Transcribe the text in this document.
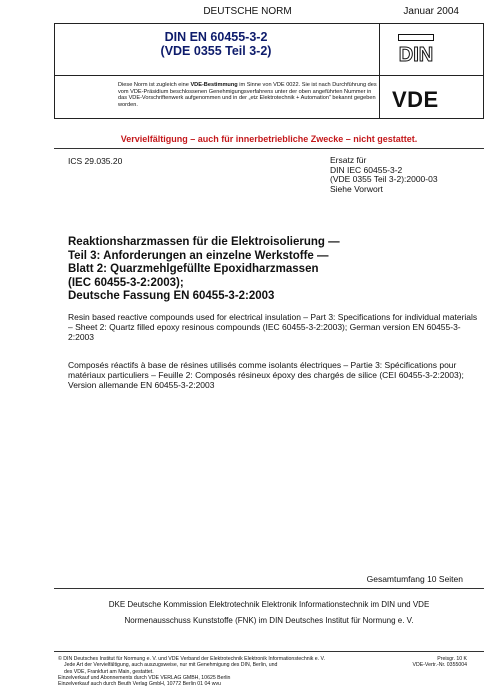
DEUTSCHE NORM	Januar 2004
DIN EN 60455-3-2
(VDE 0355 Teil 3-2)	DIN
Diese Norm ist zugleich eine VDE-Bestimmung im Sinne von VDE 0022. Sie ist nach Durchführung des vom VDE-Präsidium beschlossenen Genehmigungsverfahrens unter der oben angeführten Nummer in das VDE-Vorschriftenwerk aufgenommen und in der „etz Elektrotechnik + Automation“ bekannt gegeben worden.	VDE
Vervielfältigung – auch für innerbetriebliche Zwecke – nicht gestattet.
ICS 29.035.20	Ersatz für
DIN IEC 60455-3-2
(VDE 0355 Teil 3-2):2000-03
Siehe Vorwort
Reaktionsharzmassen für die Elektroisolierung —
Teil 3: Anforderungen an einzelne Werkstoffe —
Blatt 2: Quarzmehlgefüllte Epoxidharzmassen
(IEC 60455-3-2:2003);
Deutsche Fassung EN 60455-3-2:2003
Resin based reactive compounds used for electrical insulation – Part 3: Specifications for individual materials – Sheet 2: Quartz filled epoxy resinous compounds (IEC 60455-3-2:2003); German version EN 60455-3-2:2003
Composés réactifs à base de résines utilisés comme isolants électriques – Partie 3: Spécifications pour matériaux particuliers – Feuille 2: Composés résineux époxy des chargés de silice (CEI 60455-3-2:2003); Version allemande EN 60455-3-2:2003
Gesamtumfang 10 Seiten
DKE Deutsche Kommission Elektrotechnik Elektronik Informationstechnik im DIN und VDE
Normenausschuss Kunststoffe (FNK) im DIN Deutsches Institut für Normung e. V.
© DIN Deutsches Institut für Normung e. V. und VDE Verband der Elektrotechnik Elektronik Informationstechnik e. V.
Jede Art der Vervielfältigung, auch auszugsweise, nur mit Genehmigung des DIN, Berlin, und
des VDE, Frankfurt am Main, gestattet.
Einzelverkauf und Abonnements durch VDE VERLAG GMBH, 10625 Berlin
Einzelverkauf auch durch Beuth Verlag GmbH, 10772 Berlin 01 04 wvu
Preisgr. 10 K
VDE-Vertr.-Nr. 0355004
